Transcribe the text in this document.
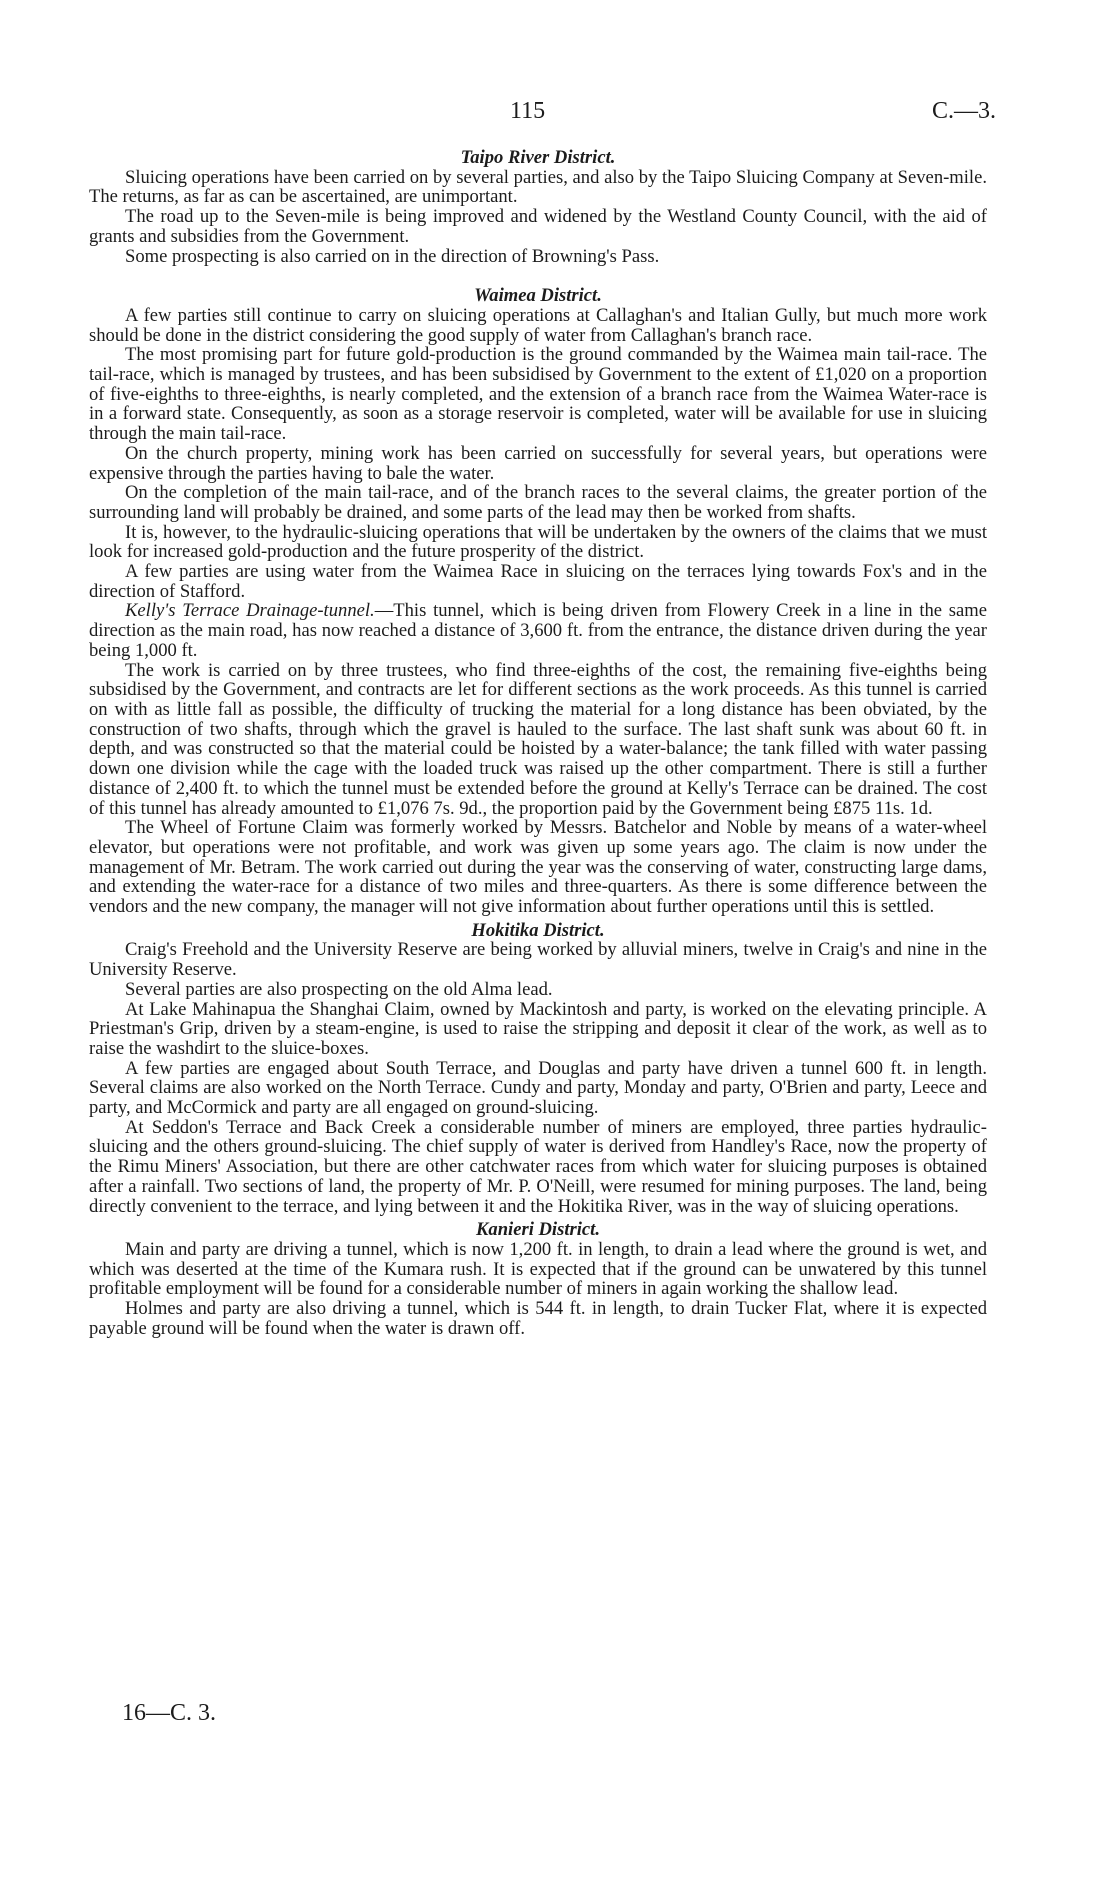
115	C.—3.
Taipo River District.

Sluicing operations have been carried on by several parties, and also by the Taipo Sluicing Company at Seven-mile. The returns, as far as can be ascertained, are unimportant.

The road up to the Seven-mile is being improved and widened by the Westland County Council, with the aid of grants and subsidies from the Government.

Some prospecting is also carried on in the direction of Browning's Pass.

Waimea District.

A few parties still continue to carry on sluicing operations at Callaghan's and Italian Gully, but much more work should be done in the district considering the good supply of water from Callaghan's branch race.

The most promising part for future gold-production is the ground commanded by the Waimea main tail-race. The tail-race, which is managed by trustees, and has been subsidised by Government to the extent of £1,020 on a proportion of five-eighths to three-eighths, is nearly completed, and the extension of a branch race from the Waimea Water-race is in a forward state. Consequently, as soon as a storage reservoir is completed, water will be available for use in sluicing through the main tail-race.

On the church property, mining work has been carried on successfully for several years, but operations were expensive through the parties having to bale the water.

On the completion of the main tail-race, and of the branch races to the several claims, the greater portion of the surrounding land will probably be drained, and some parts of the lead may then be worked from shafts.

It is, however, to the hydraulic-sluicing operations that will be undertaken by the owners of the claims that we must look for increased gold-production and the future prosperity of the district.

A few parties are using water from the Waimea Race in sluicing on the terraces lying towards Fox's and in the direction of Stafford.

Kelly's Terrace Drainage-tunnel.—This tunnel, which is being driven from Flowery Creek in a line in the same direction as the main road, has now reached a distance of 3,600 ft. from the entrance, the distance driven during the year being 1,000 ft.

The work is carried on by three trustees, who find three-eighths of the cost, the remaining five-eighths being subsidised by the Government, and contracts are let for different sections as the work proceeds. As this tunnel is carried on with as little fall as possible, the difficulty of trucking the material for a long distance has been obviated, by the construction of two shafts, through which the gravel is hauled to the surface. The last shaft sunk was about 60 ft. in depth, and was constructed so that the material could be hoisted by a water-balance; the tank filled with water passing down one division while the cage with the loaded truck was raised up the other compartment. There is still a further distance of 2,400 ft. to which the tunnel must be extended before the ground at Kelly's Terrace can be drained. The cost of this tunnel has already amounted to £1,076 7s. 9d., the proportion paid by the Government being £875 11s. 1d.

The Wheel of Fortune Claim was formerly worked by Messrs. Batchelor and Noble by means of a water-wheel elevator, but operations were not profitable, and work was given up some years ago. The claim is now under the management of Mr. Betram. The work carried out during the year was the conserving of water, constructing large dams, and extending the water-race for a distance of two miles and three-quarters. As there is some difference between the vendors and the new company, the manager will not give information about further operations until this is settled.

Hokitika District.

Craig's Freehold and the University Reserve are being worked by alluvial miners, twelve in Craig's and nine in the University Reserve.

Several parties are also prospecting on the old Alma lead.

At Lake Mahinapua the Shanghai Claim, owned by Mackintosh and party, is worked on the elevating principle. A Priestman's Grip, driven by a steam-engine, is used to raise the stripping and deposit it clear of the work, as well as to raise the washdirt to the sluice-boxes.

A few parties are engaged about South Terrace, and Douglas and party have driven a tunnel 600 ft. in length. Several claims are also worked on the North Terrace. Cundy and party, Monday and party, O'Brien and party, Leece and party, and McCormick and party are all engaged on ground-sluicing.

At Seddon's Terrace and Back Creek a considerable number of miners are employed, three parties hydraulic-sluicing and the others ground-sluicing. The chief supply of water is derived from Handley's Race, now the property of the Rimu Miners' Association, but there are other catchwater races from which water for sluicing purposes is obtained after a rainfall. Two sections of land, the property of Mr. P. O'Neill, were resumed for mining purposes. The land, being directly convenient to the terrace, and lying between it and the Hokitika River, was in the way of sluicing operations.

Kanieri District.

Main and party are driving a tunnel, which is now 1,200 ft. in length, to drain a lead where the ground is wet, and which was deserted at the time of the Kumara rush. It is expected that if the ground can be unwatered by this tunnel profitable employment will be found for a considerable number of miners in again working the shallow lead.

Holmes and party are also driving a tunnel, which is 544 ft. in length, to drain Tucker Flat, where it is expected payable ground will be found when the water is drawn off.

16—C. 3.
